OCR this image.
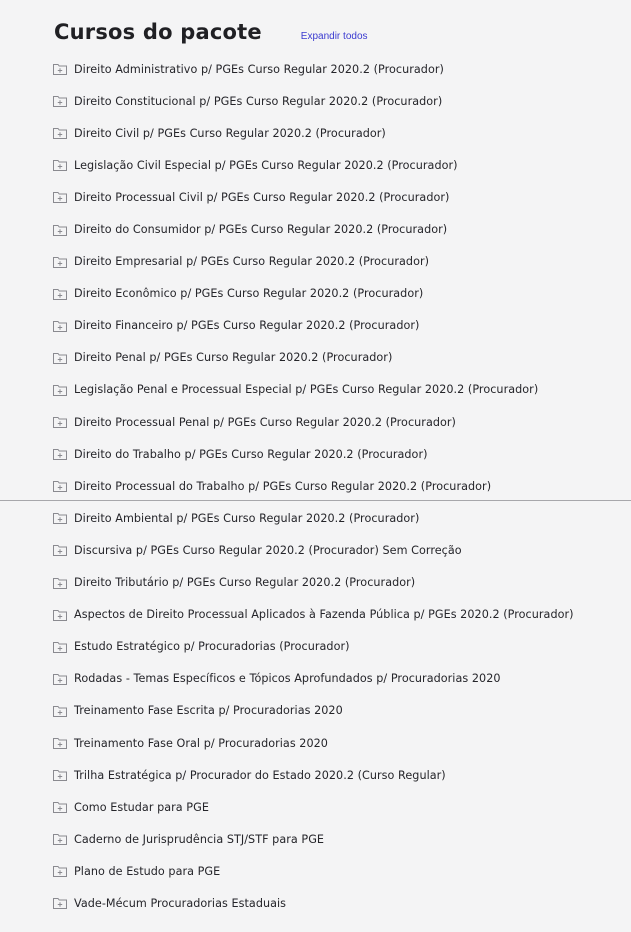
Cursos do pacote	Expandir todos
Direito Administrativo p/ PGEs Curso Regular 2020.2 (Procurador)
Direito Constitucional p/ PGEs Curso Regular 2020.2 (Procurador)
Direito Civil p/ PGEs Curso Regular 2020.2 (Procurador)
Legislação Civil Especial p/ PGEs Curso Regular 2020.2 (Procurador)
Direito Processual Civil p/ PGEs Curso Regular 2020.2 (Procurador)
Direito do Consumidor p/ PGEs Curso Regular 2020.2 (Procurador)
Direito Empresarial p/ PGEs Curso Regular 2020.2 (Procurador)
Direito Econômico p/ PGEs Curso Regular 2020.2 (Procurador)
Direito Financeiro p/ PGEs Curso Regular 2020.2 (Procurador)
Direito Penal p/ PGEs Curso Regular 2020.2 (Procurador)
Legislação Penal e Processual Especial p/ PGEs Curso Regular 2020.2 (Procurador)
Direito Processual Penal p/ PGEs Curso Regular 2020.2 (Procurador)
Direito do Trabalho p/ PGEs Curso Regular 2020.2 (Procurador)
Direito Processual do Trabalho p/ PGEs Curso Regular 2020.2 (Procurador)
Direito Ambiental p/ PGEs Curso Regular 2020.2 (Procurador)
Discursiva p/ PGEs Curso Regular 2020.2 (Procurador) Sem Correção
Direito Tributário p/ PGEs Curso Regular 2020.2 (Procurador)
Aspectos de Direito Processual Aplicados à Fazenda Pública p/ PGEs 2020.2 (Procurador)
Estudo Estratégico p/ Procuradorias (Procurador)
Rodadas - Temas Específicos e Tópicos Aprofundados p/ Procuradorias 2020
Treinamento Fase Escrita p/ Procuradorias 2020
Treinamento Fase Oral p/ Procuradorias 2020
Trilha Estratégica p/ Procurador do Estado 2020.2 (Curso Regular)
Como Estudar para PGE
Caderno de Jurisprudência STJ/STF para PGE
Plano de Estudo para PGE
Vade-Mécum Procuradorias Estaduais
